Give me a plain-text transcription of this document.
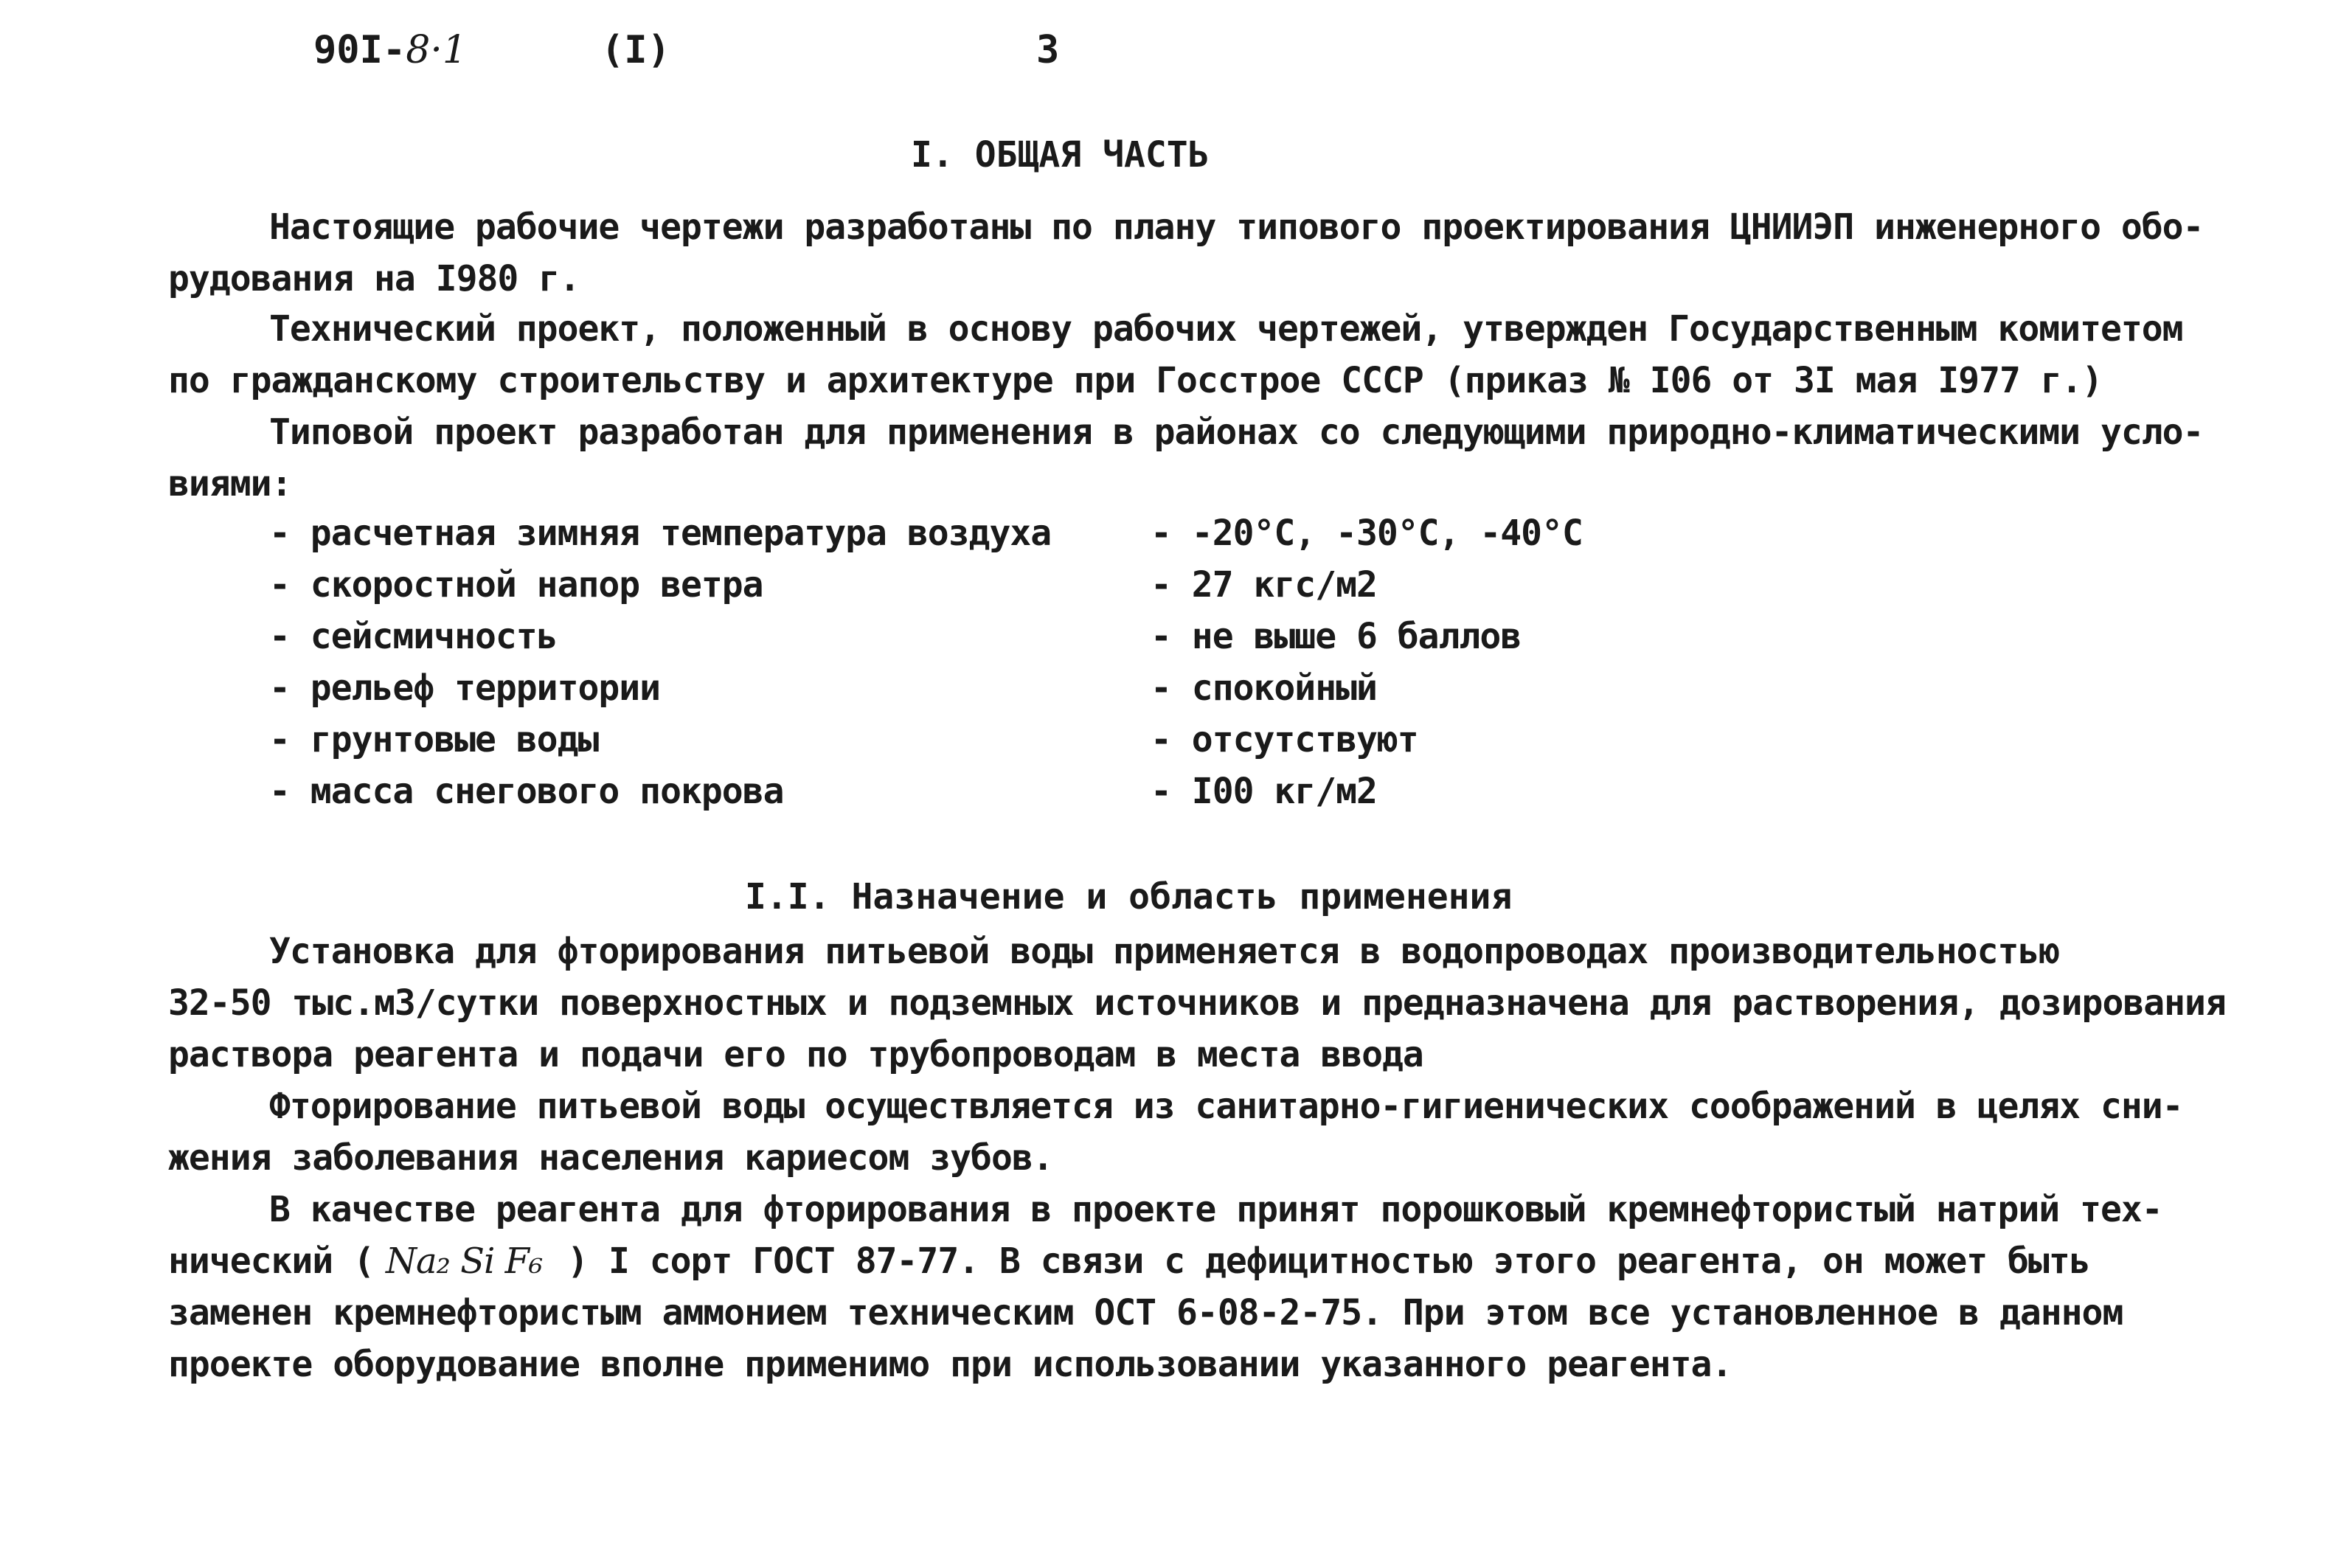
90I-8·1	(I)	3
I. ОБЩАЯ ЧАСТЬ
Настоящие рабочие чертежи разработаны по плану типового проектирования ЦНИИЭП инженерного обо-
рудования на I980 г.
Технический проект, положенный в основу рабочих чертежей, утвержден Государственным комитетом
по гражданскому строительству и архитектуре при Госстрое СССР (приказ № I06 от 3I мая I977 г.)
Типовой проект разработан для применения в районах со следующими природно-климатическими усло-
виями:
- расчетная зимняя температура воздуха	- -20°С, -30°С, -40°С
- скоростной напор ветра	- 27 кгс/м2
- сейсмичность	- не выше 6 баллов
- рельеф территории	- спокойный
- грунтовые воды	- отсутствуют
- масса снегового покрова	- I00 кг/м2
I.I. Назначение и область применения
Установка для фторирования питьевой воды применяется в водопроводах производительностью
32-50 тыс.м3/сутки поверхностных и подземных источников и предназначена для растворения, дозирования
раствора реагента и подачи его по трубопроводам в места ввода
Фторирование питьевой воды осуществляется из санитарно-гигиенических соображений в целях сни-
жения заболевания населения кариесом зубов.
В качестве реагента для фторирования в проекте принят порошковый кремнефтористый натрий тех-
нический ( Na₂ Si F₆ ) I сорт ГОСТ 87-77. В связи с дефицитностью этого реагента, он может быть
заменен кремнефтористым аммонием техническим ОСТ 6-08-2-75. При этом все установленное в данном
проекте оборудование вполне применимо при использовании указанного реагента.
